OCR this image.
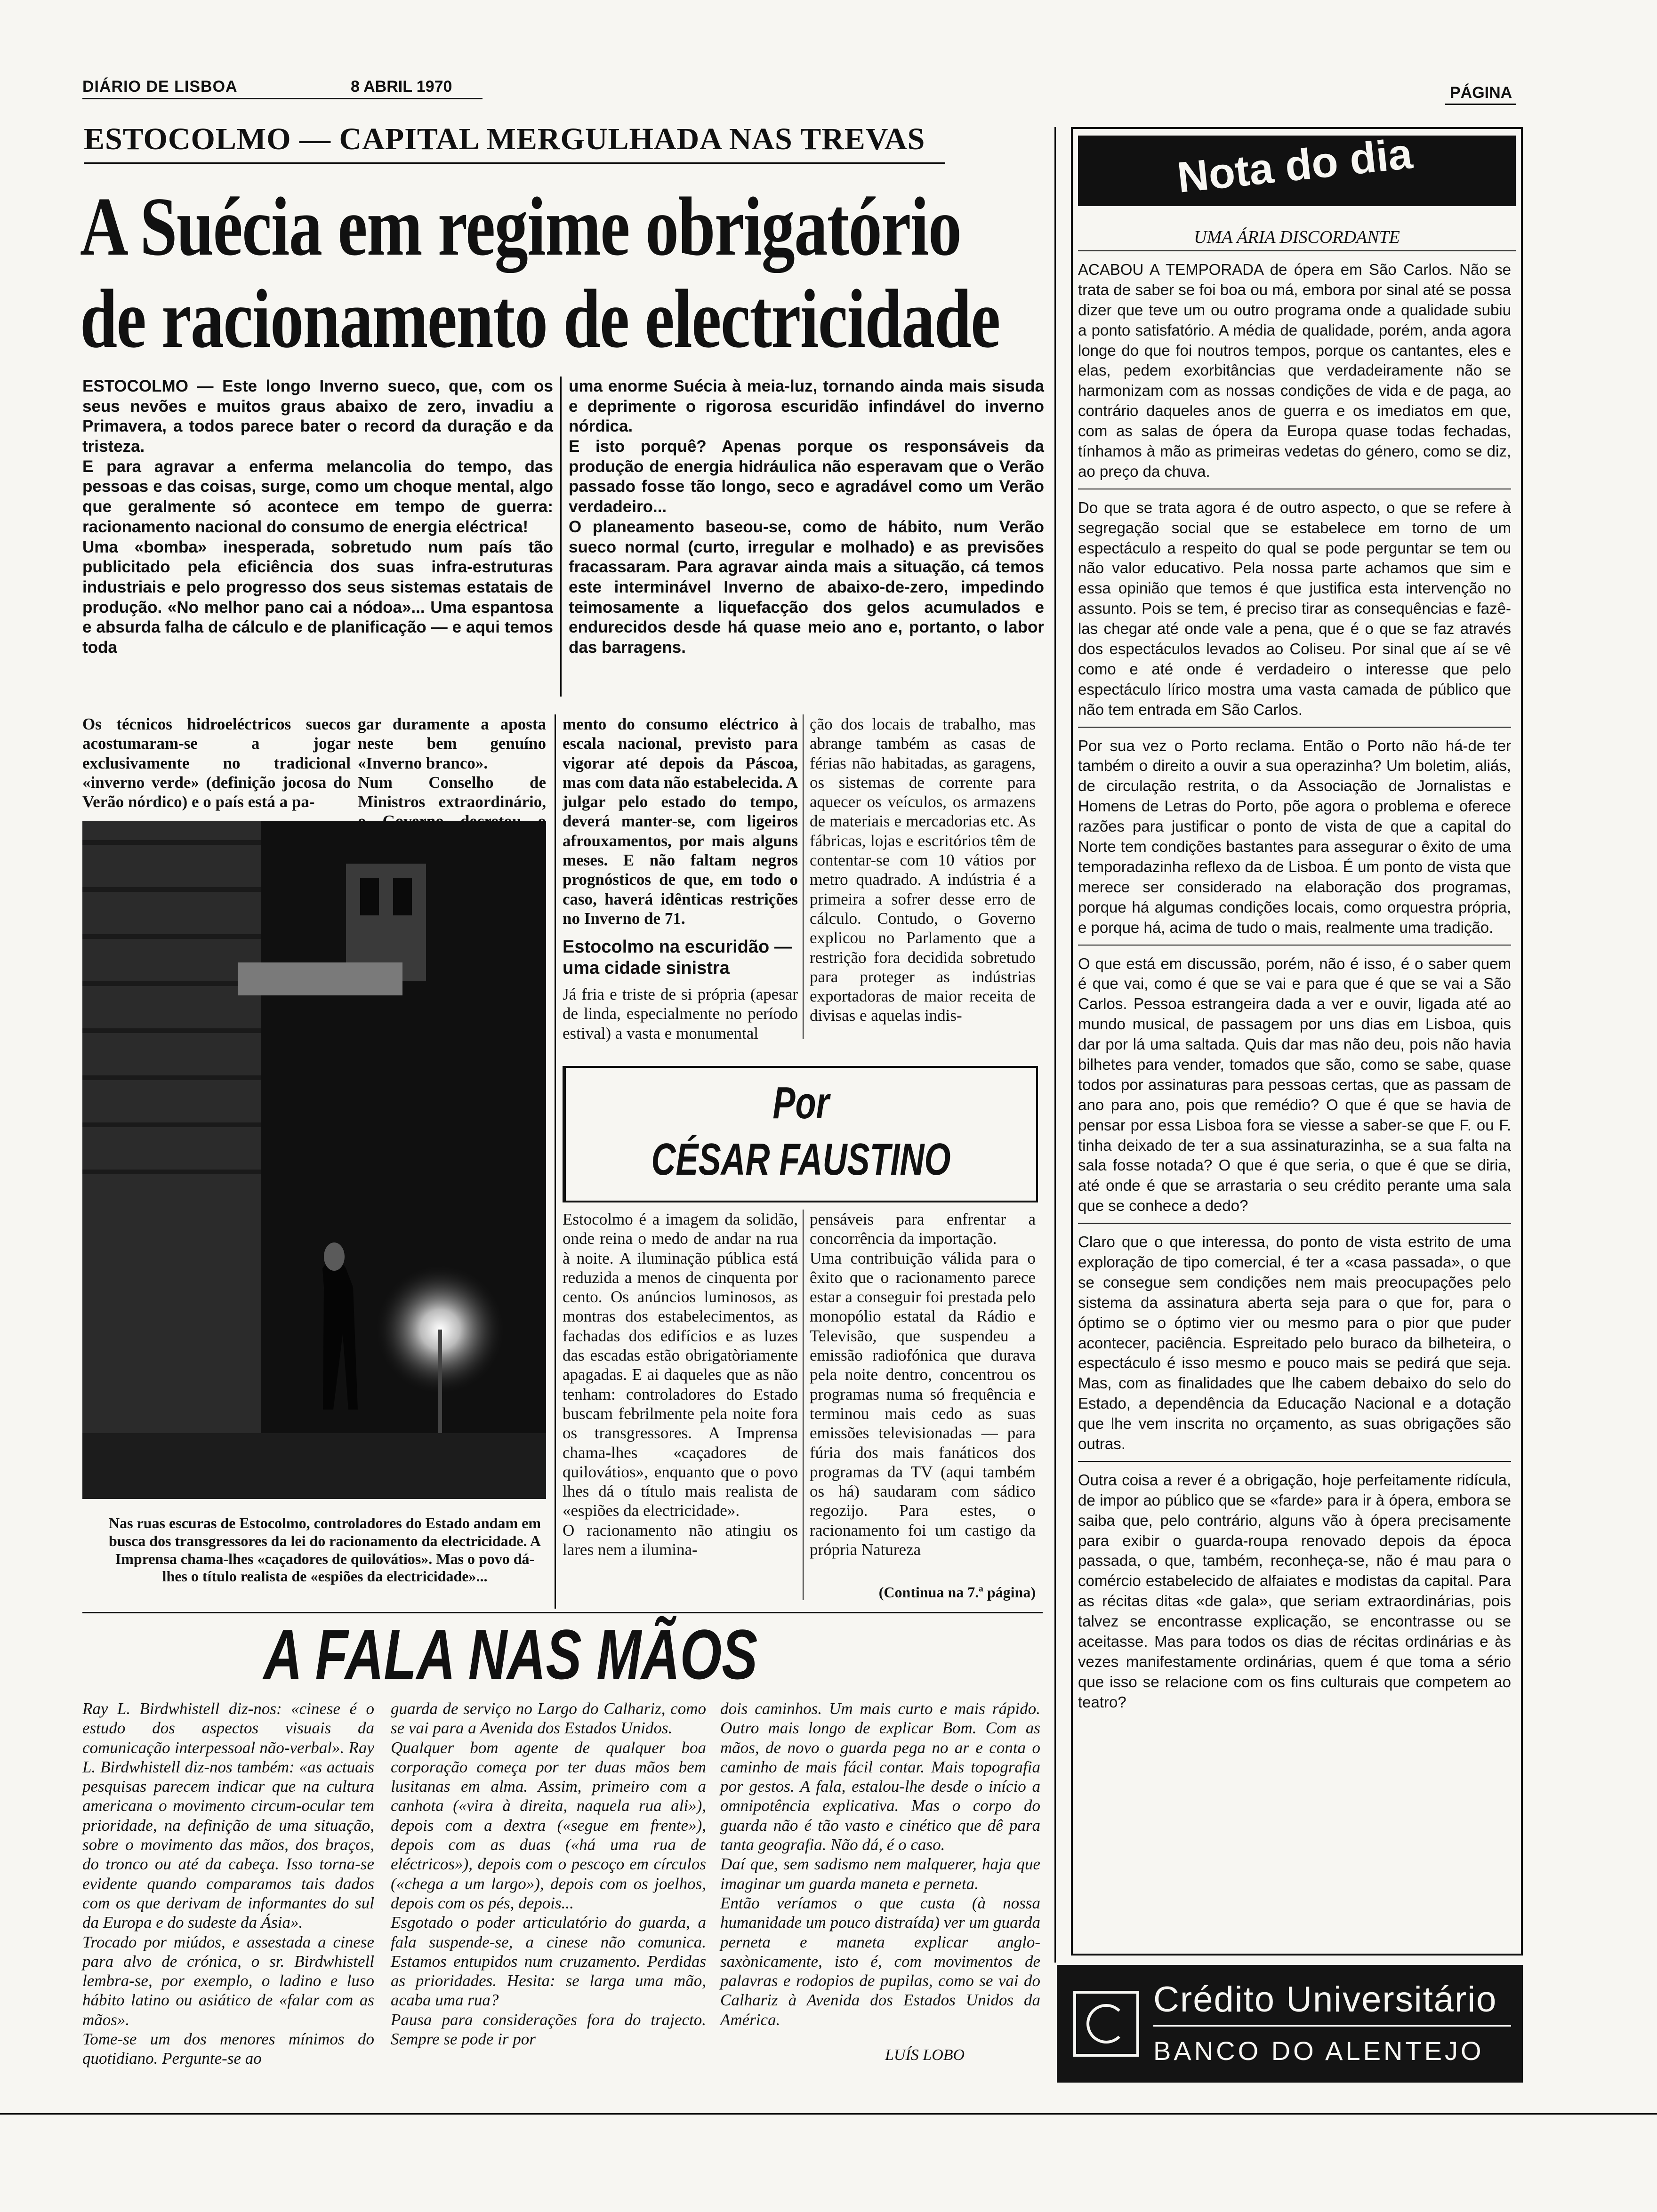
DIÁRIO DE LISBOA	8 ABRIL 1970	PÁGINA
ESTOCOLMO — CAPITAL MERGULHADA NAS TREVAS
A Suécia em regime obrigatório
de racionamento de electricidade
ESTOCOLMO — Este longo Inverno sueco, que, com os seus nevões e muitos graus abaixo de zero, invadiu a Primavera, a todos parece bater o record da duração e da tristeza.
E para agravar a enferma melancolia do tempo, das pessoas e das coisas, surge, como um choque mental, algo que geralmente só acontece em tempo de guerra: racionamento nacional do consumo de energia eléctrica!
Uma «bomba» inesperada, sobretudo num país tão publicitado pela eficiência dos suas infra-estruturas industriais e pelo progresso dos seus sistemas estatais de produção. «No melhor pano cai a nódoa»... Uma espantosa e absurda falha de cálculo e de planificação — e aqui temos toda
uma enorme Suécia à meia-luz, tornando ainda mais sisuda e deprimente o rigorosa escuridão infindável do inverno nórdica.
E isto porquê? Apenas porque os responsáveis da produção de energia hidráulica não esperavam que o Verão passado fosse tão longo, seco e agradável como um Verão verdadeiro...
O planeamento baseou-se, como de hábito, num Verão sueco normal (curto, irregular e molhado) e as previsões fracassaram. Para agravar ainda mais a situação, cá temos este interminável Inverno de abaixo-de-zero, impedindo teimosamente a liquefacção dos gelos acumulados e endurecidos desde há quase meio ano e, portanto, o labor das barragens.
Os técnicos hidroeléctricos suecos acostumaram-se a jogar exclusivamente no tradicional «inverno verde» (definição jocosa do Verão nórdico) e o país está a pa-
gar duramente a aposta neste bem genuíno «Inverno branco».
Num Conselho de Ministros extraordinário,
Nas ruas escuras de Estocolmo, controladores do Estado andam em busca dos transgressores da lei do racionamento da electricidade. A Imprensa chama-lhes «caçadores de quilovátios». Mas o povo dá-lhes o título realista de «espiões da electricidade»...
mento do consumo eléctrico à escala nacional, previsto para vigorar até depois da Páscoa, mas com data não estabelecida. A julgar pelo estado do tempo, deverá manter-se, com ligeiros afrouxamentos, por mais alguns meses. E não faltam negros prognósticos de que, em todo o caso, haverá idênticas restrições no Inverno de 71.
Estocolmo na escuridão — uma cidade sinistra
Já fria e triste de si própria (apesar de linda, especialmente no período estival) a vasta e monumental
ção dos locais de trabalho, mas abrange também as casas de férias não habitadas, as garagens, os sistemas de corrente para aquecer os veículos, os armazens de materiais e mercadorias etc. As fábricas, lojas e escritórios têm de contentar-se com 10 vátios por metro quadrado. A indústria é a primeira a sofrer desse erro de cálculo. Contudo, o Governo explicou no Parlamento que a restrição fora decidida sobretudo para proteger as indústrias exportadoras de maior receita de divisas e aquelas indis-
Por
CÉSAR FAUSTINO
Estocolmo é a imagem da solidão, onde reina o medo de andar na rua à noite. A iluminação pública está reduzida a menos de cinquenta por cento. Os anúncios luminosos, as montras dos estabelecimentos, as fachadas dos edifícios e as luzes das escadas estão obrigatòriamente apagadas. E ai daqueles que as não tenham: controladores do Estado buscam febrilmente pela noite fora os transgressores. A Imprensa chama-lhes «caçadores de quilovátios», enquanto que o povo lhes dá o título mais realista de «espiões da electricidade».
O racionamento não atingiu os lares nem a ilumina-
pensáveis para enfrentar a concorrência da importação.
Uma contribuição válida para o êxito que o racionamento parece estar a conseguir foi prestada pelo monopólio estatal da Rádio e Televisão, que suspendeu a emissão radiofónica que durava pela noite dentro, concentrou os programas numa só frequência e terminou mais cedo as suas emissões televisionadas — para fúria dos mais fanáticos dos programas da TV (aqui também os há) saudaram com sádico regozijo. Para estes, o racionamento foi um castigo da própria Natureza
(Continua na 7.ª página)
A FALA NAS MÃOS
Ray L. Birdwhistell diz-nos: «cinese é o estudo dos aspectos visuais da comunicação interpessoal não-verbal». Ray L. Birdwhistell diz-nos também: «as actuais pesquisas parecem indicar que na cultura americana o movimento circum-ocular tem prioridade, na definição de uma situação, sobre o movimento das mãos, dos braços, do tronco ou até da cabeça. Isso torna-se evidente quando comparamos tais dados com os que derivam de informantes do sul da Europa e do sudeste da Ásia».
Trocado por miúdos, e assestada a cinese para alvo de crónica, o sr. Birdwhistell lembra-se, por exemplo, o ladino e luso hábito latino ou asiático de «falar com as mãos».
Tome-se um dos menores mínimos do quotidiano. Pergunte-se ao
guarda de serviço no Largo do Calhariz, como se vai para a Avenida dos Estados Unidos.
Qualquer bom agente de qualquer boa corporação começa por ter duas mãos bem lusitanas em alma. Assim, primeiro com a canhota («vira à direita, naquela rua ali»), depois com a dextra («segue em frente»), depois com as duas («há uma rua de eléctricos»), depois com o pescoço em círculos («chega a um largo»), depois com os joelhos, depois com os pés, depois...
Esgotado o poder articulatório do guarda, a fala suspende-se, a cinese não comunica. Estamos entupidos num cruzamento. Perdidas as prioridades. Hesita: se larga uma mão, acaba uma rua?
Pausa para considerações fora do trajecto. Sempre se pode ir por
dois caminhos. Um mais curto e mais rápido. Outro mais longo de explicar Bom. Com as mãos, de novo o guarda pega no ar e conta o caminho de mais fácil contar. Mais topografia por gestos. A fala, estalou-lhe desde o início a omnipotência explicativa. Mas o corpo do guarda não é tão vasto e cinético que dê para tanta geografia. Não dá, é o caso.
Daí que, sem sadismo nem malquerer, haja que imaginar um guarda maneta e perneta.
Então veríamos o que custa (à nossa humanidade um pouco distraída) ver um guarda perneta e maneta explicar anglo-saxònicamente, isto é, com movimentos de palavras e rodopios de pupilas, como se vai do Calhariz à Avenida dos Estados Unidos da América.
LUÍS LOBO
Nota do dia
UMA ÁRIA DISCORDANTE

ACABOU A TEMPORADA de ópera em São Carlos. Não se trata de saber se foi boa ou má, embora por sinal até se possa dizer que teve um ou outro programa onde a qualidade subiu a ponto satisfatório. A média de qualidade, porém, anda agora longe do que foi noutros tempos, porque os cantantes, eles e elas, pedem exorbitâncias que verdadeiramente não se harmonizam com as nossas condições de vida e de paga, ao contrário daqueles anos de guerra e os imediatos em que, com as salas de ópera da Europa quase todas fechadas, tínhamos à mão as primeiras vedetas do género, como se diz, ao preço da chuva.

Do que se trata agora é de outro aspecto, o que se refere à segregação social que se estabelece em torno de um espectáculo a respeito do qual se pode perguntar se tem ou não valor educativo. Pela nossa parte achamos que sim e essa opinião que temos é que justifica esta intervenção no assunto. Pois se tem, é preciso tirar as consequências e fazê-las chegar até onde vale a pena, que é o que se faz através dos espectáculos levados ao Coliseu. Por sinal que aí se vê como e até onde é verdadeiro o interesse que pelo espectáculo lírico mostra uma vasta camada de público que não tem entrada em São Carlos.

Por sua vez o Porto reclama. Então o Porto não há-de ter também o direito a ouvir a sua operazinha? Um boletim, aliás, de circulação restrita, o da Associação de Jornalistas e Homens de Letras do Porto, põe agora o problema e oferece razões para justificar o ponto de vista de que a capital do Norte tem condições bastantes para assegurar o êxito de uma temporadazinha reflexo da de Lisboa. É um ponto de vista que merece ser considerado na elaboração dos programas, porque há algumas condições locais, como orquestra própria, e porque há, acima de tudo o mais, realmente uma tradição.

O que está em discussão, porém, não é isso, é o saber quem é que vai, como é que se vai e para que é que se vai a São Carlos. Pessoa estrangeira dada a ver e ouvir, ligada até ao mundo musical, de passagem por uns dias em Lisboa, quis dar por lá uma saltada. Quis dar mas não deu, pois não havia bilhetes para vender, tomados que são, como se sabe, quase todos por assinaturas para pessoas certas, que as passam de ano para ano, pois que remédio? O que é que se havia de pensar por essa Lisboa fora se viesse a saber-se que F. ou F. tinha deixado de ter a sua assinaturazinha, se a sua falta na sala fosse notada? O que é que seria, o que é que se diria, até onde é que se arrastaria o seu crédito perante uma sala que se conhece a dedo?

Claro que o que interessa, do ponto de vista estrito de uma exploração de tipo comercial, é ter a «casa passada», o que se consegue sem condições nem mais preocupações pelo sistema da assinatura aberta seja para o que for, para o óptimo se o óptimo vier ou mesmo para o pior que puder acontecer, paciência. Espreitado pelo buraco da bilheteira, o espectáculo é isso mesmo e pouco mais se pedirá que seja. Mas, com as finalidades que lhe cabem debaixo do selo do Estado, a dependência da Educação Nacional e a dotação que lhe vem inscrita no orçamento, as suas obrigações são outras.

Outra coisa a rever é a obrigação, hoje perfeitamente ridícula, de impor ao público que se «farde» para ir à ópera, embora se saiba que, pelo contrário, alguns vão à ópera precisamente para exibir o guarda-roupa renovado depois da época passada, o que, também, reconheça-se, não é mau para o comércio estabelecido de alfaiates e modistas da capital. Para as récitas ditas «de gala», que seriam extraordinárias, pois talvez se encontrasse explicação, se encontrasse ou se aceitasse. Mas para todos os dias de récitas ordinárias e às vezes manifestamente ordinárias, quem é que toma a sério que isso se relacione com os fins culturais que competem ao teatro?

Crédito Universitário
BANCO DO ALENTEJO
